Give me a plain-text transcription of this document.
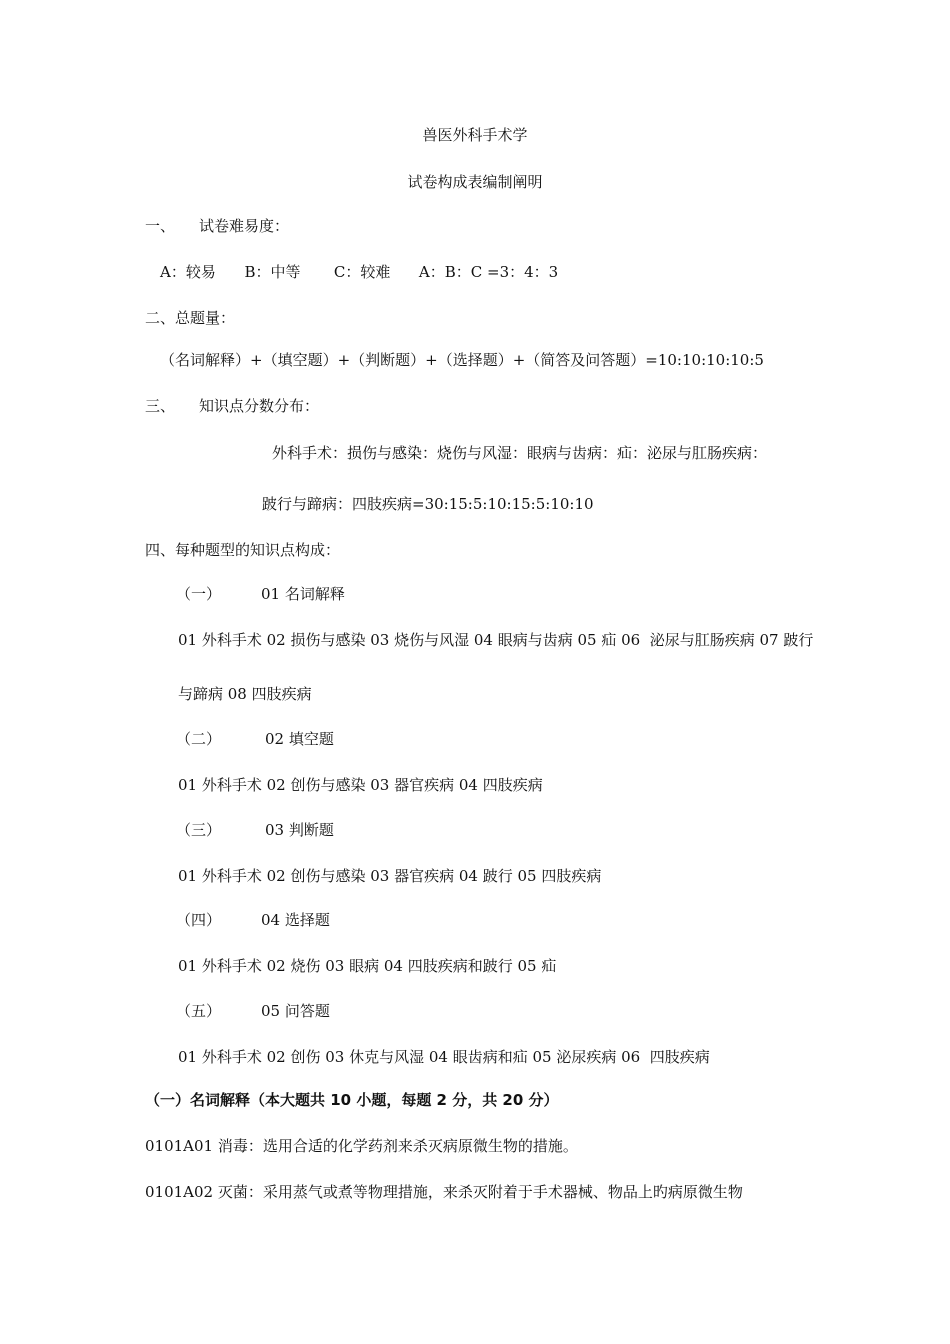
兽医外科手术学
试卷构成表编制阐明
一、 试卷难易度：
A：较易      B：中等       C：较难      A：B：C =3：4：3
二、总题量：
（名词解释）+（填空题）+（判断题）+（选择题）+（简答及问答题）=10:10:10:10:5
三、 知识点分数分布：
外科手术：损伤与感染：烧伤与风湿：眼病与齿病：疝：泌尿与肛肠疾病：
跛行与蹄病：四肢疾病=30:15:5:10:15:5:10:10
四、每种题型的知识点构成：
（一）	01 名词解释
01 外科手术 02 损伤与感染 03 烧伤与风湿 04 眼病与齿病 05 疝 06  泌尿与肛肠疾病 07 跛行
与蹄病 08 四肢疾病
（二）	02 填空题
01 外科手术 02 创伤与感染 03 器官疾病 04 四肢疾病
（三）	03 判断题
01 外科手术 02 创伤与感染 03 器官疾病 04 跛行 05 四肢疾病
（四）	04 选择题
01 外科手术 02 烧伤 03 眼病 04 四肢疾病和跛行 05 疝
（五）	05 问答题
01 外科手术 02 创伤 03 休克与风湿 04 眼齿病和疝 05 泌尿疾病 06  四肢疾病
（一）名词解释（本大题共 10 小题，每题 2 分，共 20 分）
0101A01 消毒：选用合适的化学药剂来杀灭病原微生物的措施。
0101A02 灭菌：采用蒸气或煮等物理措施，来杀灭附着于手术器械、物品上旳病原微生物
